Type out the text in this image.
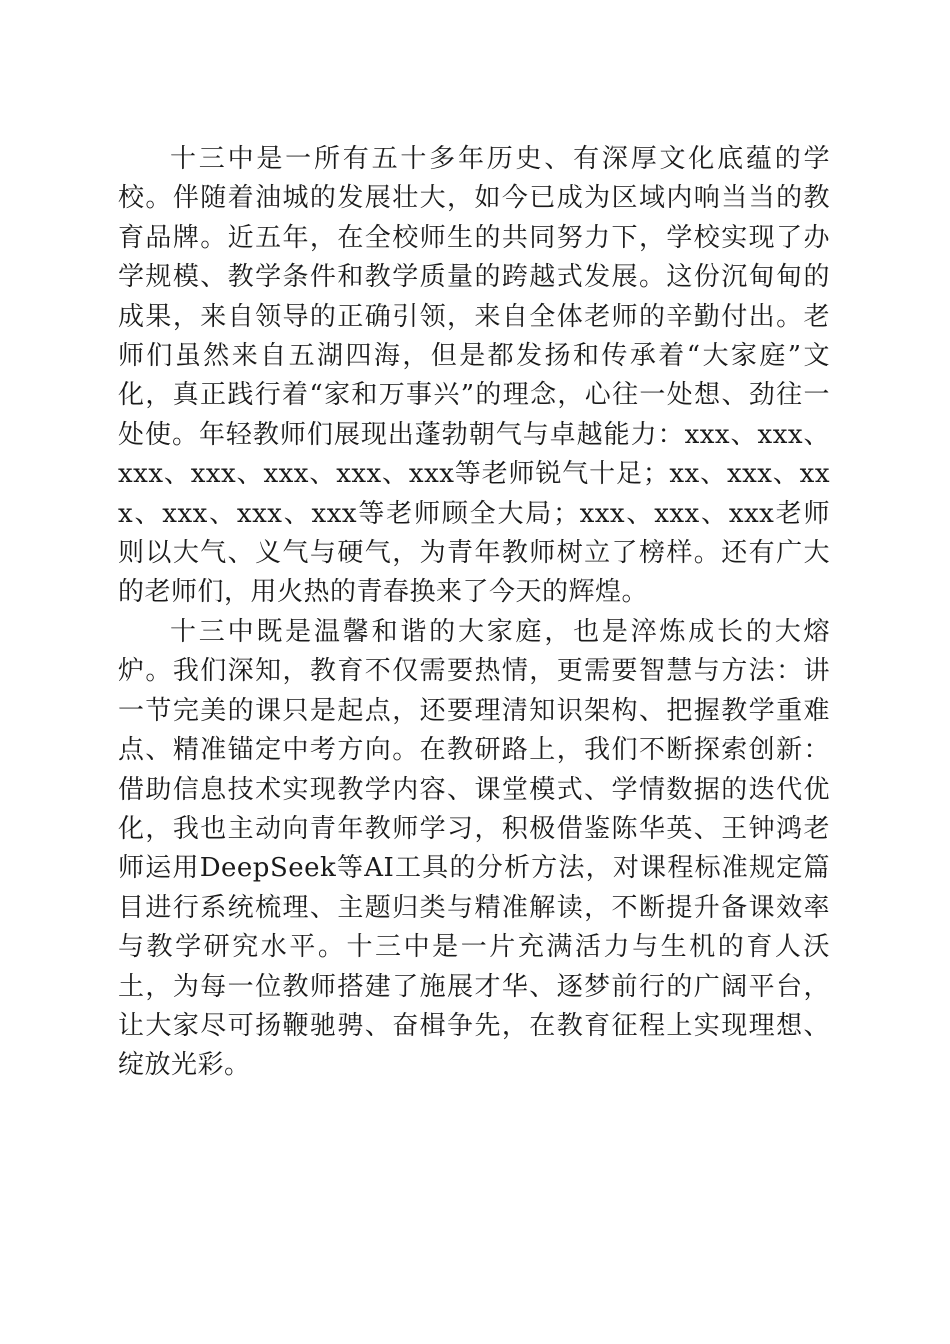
十三中是一所有五十多年历史、有深厚文化底蕴的学校。伴随着油城的发展壮大，如今已成为区域内响当当的教育品牌。近五年，在全校师生的共同努力下，学校实现了办学规模、教学条件和教学质量的跨越式发展。这份沉甸甸的成果，来自领导的正确引领，来自全体老师的辛勤付出。老师们虽然来自五湖四海，但是都发扬和传承着“大家庭”文化，真正践行着“家和万事兴”的理念，心往一处想、劲往一处使。年轻教师们展现出蓬勃朝气与卓越能力：xxx、xxx、xxx、xxx、xxx、xxx、xxx等老师锐气十足；xx、xxx、xxx、xxx、xxx、xxx等老师顾全大局；xxx、xxx、xxx老师则以大气、义气与硬气，为青年教师树立了榜样。还有广大的老师们，用火热的青春换来了今天的辉煌。

十三中既是温馨和谐的大家庭，也是淬炼成长的大熔炉。我们深知，教育不仅需要热情，更需要智慧与方法：讲一节完美的课只是起点，还要理清知识架构、把握教学重难点、精准锚定中考方向。在教研路上，我们不断探索创新：借助信息技术实现教学内容、课堂模式、学情数据的迭代优化，我也主动向青年教师学习，积极借鉴陈华英、王钟鸿老师运用DeepSeek等AI工具的分析方法，对课程标准规定篇目进行系统梳理、主题归类与精准解读，不断提升备课效率与教学研究水平。十三中是一片充满活力与生机的育人沃土，为每一位教师搭建了施展才华、逐梦前行的广阔平台，让大家尽可扬鞭驰骋、奋楫争先，在教育征程上实现理想、绽放光彩。
